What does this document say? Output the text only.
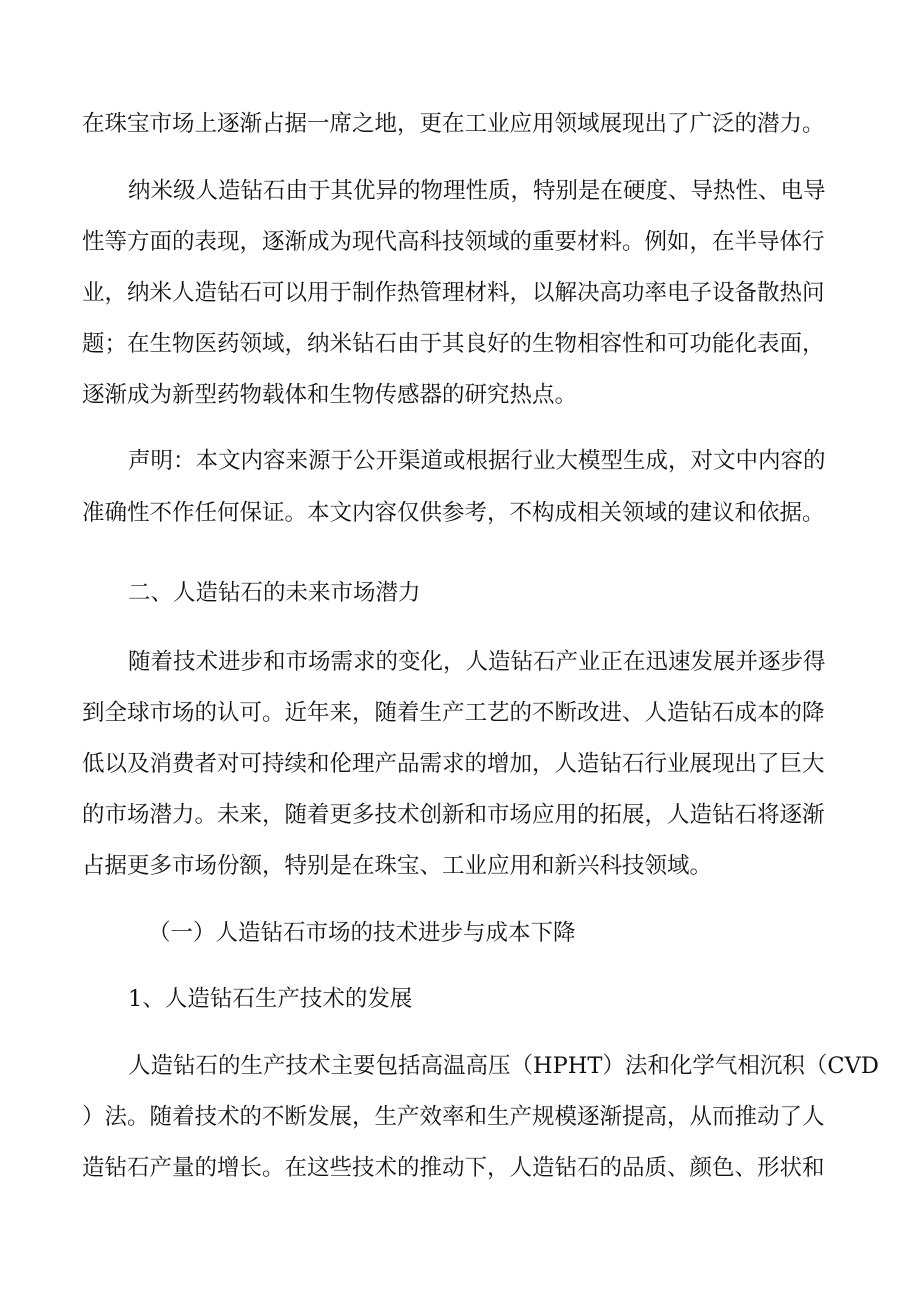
在珠宝市场上逐渐占据一席之地，更在工业应用领域展现出了广泛的潜力。
纳米级人造钻石由于其优异的物理性质，特别是在硬度、导热性、电导
性等方面的表现，逐渐成为现代高科技领域的重要材料。例如，在半导体行
业，纳米人造钻石可以用于制作热管理材料，以解决高功率电子设备散热问
题；在生物医药领域，纳米钻石由于其良好的生物相容性和可功能化表面，
逐渐成为新型药物载体和生物传感器的研究热点。
声明：本文内容来源于公开渠道或根据行业大模型生成，对文中内容的
准确性不作任何保证。本文内容仅供参考，不构成相关领域的建议和依据。
二、人造钻石的未来市场潜力
随着技术进步和市场需求的变化，人造钻石产业正在迅速发展并逐步得
到全球市场的认可。近年来，随着生产工艺的不断改进、人造钻石成本的降
低以及消费者对可持续和伦理产品需求的增加，人造钻石行业展现出了巨大
的市场潜力。未来，随着更多技术创新和市场应用的拓展，人造钻石将逐渐
占据更多市场份额，特别是在珠宝、工业应用和新兴科技领域。
（一）人造钻石市场的技术进步与成本下降
1、人造钻石生产技术的发展
人造钻石的生产技术主要包括高温高压（HPHT）法和化学气相沉积（CVD
）法。随着技术的不断发展，生产效率和生产规模逐渐提高，从而推动了人
造钻石产量的增长。在这些技术的推动下，人造钻石的品质、颜色、形状和
